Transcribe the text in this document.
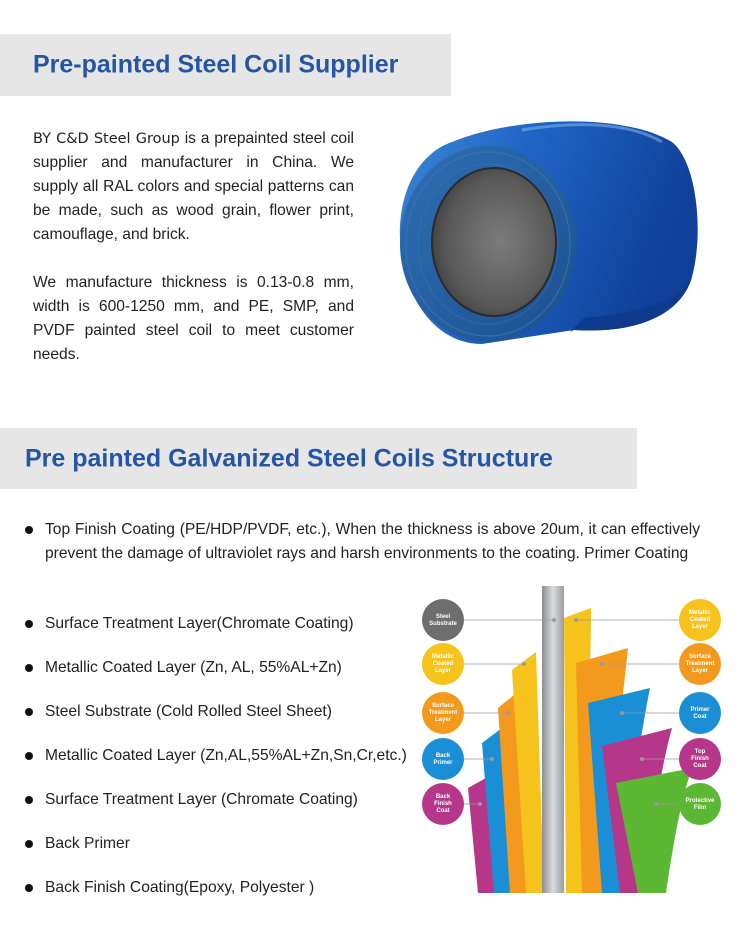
Pre-painted Steel Coil Supplier

BY C&D Steel Group is a prepainted steel coil supplier and manufacturer in China. We supply all RAL colors and special patterns can be made, such as wood grain, flower print, camouflage, and brick.

We manufacture thickness is 0.13-0.8 mm, width is 600-1250 mm, and PE, SMP, and PVDF painted steel coil to meet customer needs.

Pre painted Galvanized Steel Coils Structure
Top Finish Coating (PE/HDP/PVDF, etc.), When the thickness is above 20um, it can effectively prevent the damage of ultraviolet rays and harsh environments to the coating. Primer Coating
Surface Treatment Layer(Chromate Coating)
Metallic Coated Layer (Zn, AL, 55%AL+Zn)
Steel Substrate (Cold Rolled Steel Sheet)
Metallic Coated Layer (Zn,AL,55%AL+Zn,Sn,Cr,etc.)
Surface Treatment Layer (Chromate Coating)
Back Primer
Back Finish Coating(Epoxy, Polyester )
Steel
Substrate
Metallic
Coated
Layer
Surface
Treatment
Layer
Back
Primer
Back
Finish
Coat
Metallic
Coated
Layer
Surface
Treatment
Layer
Primer
Coat
Top
Finish
Coat
Protective
Film
